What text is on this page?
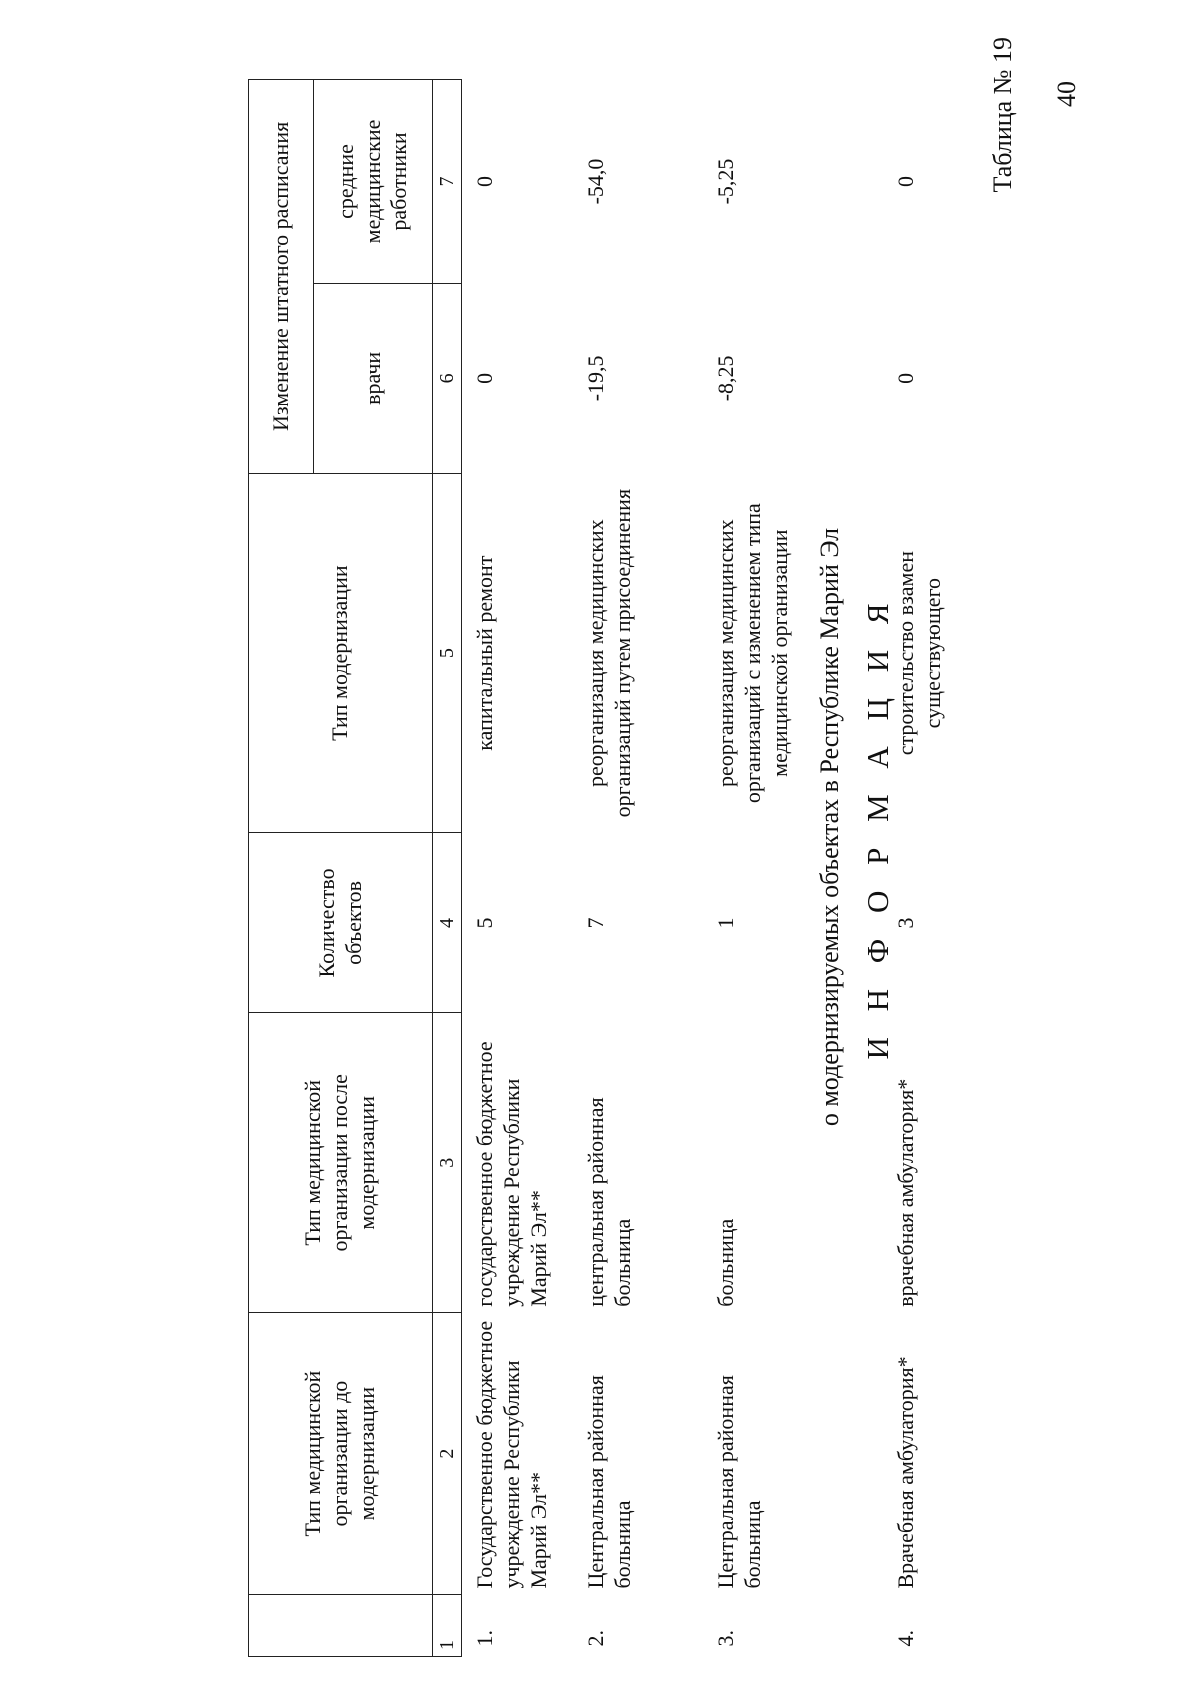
40
Таблица № 19
И Н Ф О Р М А Ц И Я
о модернизируемых объектах в Республике Марий Эл
	Тип медицинской организации до модернизации	Тип медицинской организации после модернизации	Количество объектов	Тип модернизации	Изменение штатного расписания	
					врачи	средние медицинские работники
1	2	3	4	5	6	7
1.	Государственное бюджетное учреждение Республики Марий Эл**	государственное бюджетное учреждение Республики Марий Эл**	5	капитальный ремонт	0	0
2.	Центральная районная больница	центральная районная больница	7	реорганизация медицинских организаций путем присоединения	-19,5	-54,0
3.	Центральная районная больница	больница	1	реорганизация медицинских организаций с изменением типа медицинской организации	-8,25	-5,25
4.	Врачебная амбулатория*	врачебная амбулатория*	3	строительство взамен существующего	0	0
